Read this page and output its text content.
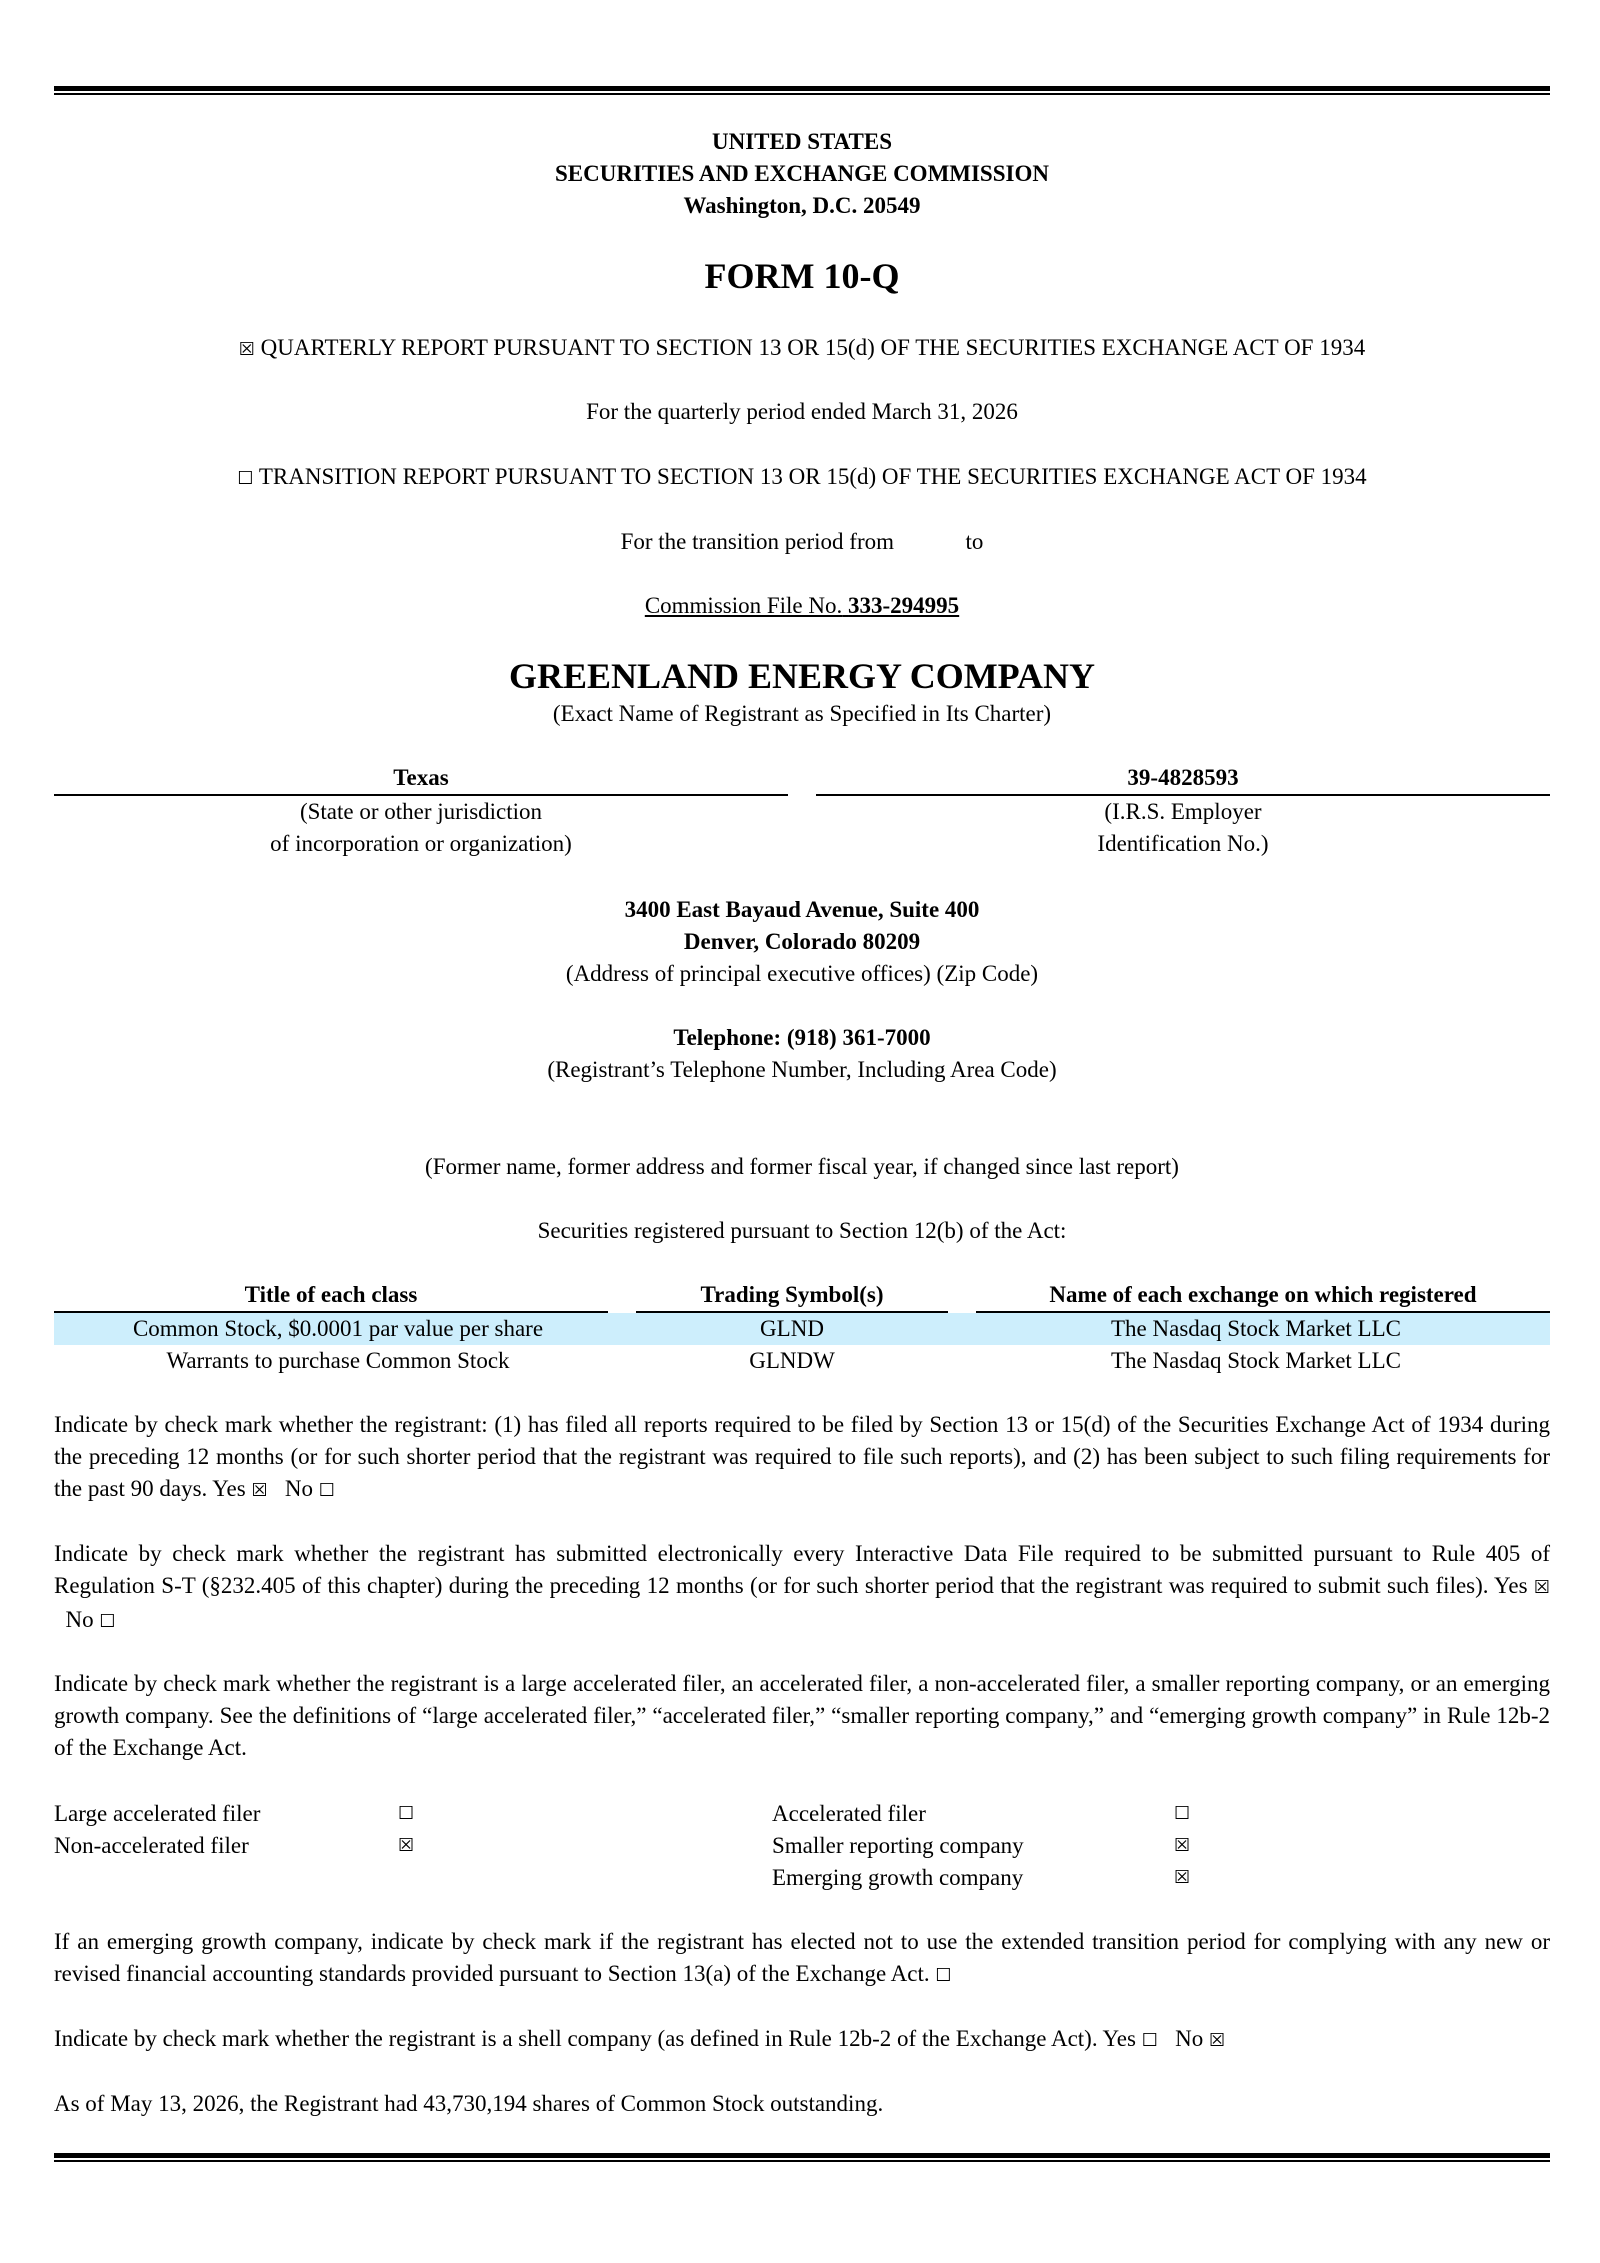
UNITED STATES
SECURITIES AND EXCHANGE COMMISSION
Washington, D.C. 20549
FORM 10-Q
☒ QUARTERLY REPORT PURSUANT TO SECTION 13 OR 15(d) OF THE SECURITIES EXCHANGE ACT OF 1934
For the quarterly period ended March 31, 2026
☐ TRANSITION REPORT PURSUANT TO SECTION 13 OR 15(d) OF THE SECURITIES EXCHANGE ACT OF 1934
For the transition period from	to
Commission File No. 333-294995
GREENLAND ENERGY COMPANY
(Exact Name of Registrant as Specified in Its Charter)
Texas
(State or other jurisdiction
of incorporation or organization)
39-4828593
(I.R.S. Employer
Identification No.)
3400 East Bayaud Avenue, Suite 400
Denver, Colorado 80209
(Address of principal executive offices) (Zip Code)
Telephone: (918) 361-7000
(Registrant’s Telephone Number, Including Area Code)
(Former name, former address and former fiscal year, if changed since last report)
Securities registered pursuant to Section 12(b) of the Act:
Title of each class	Trading Symbol(s)	Name of each exchange on which registered

Common Stock, $0.0001 par value per share	GLND	The Nasdaq Stock Market LLC
Warrants to purchase Common Stock	GLNDW	The Nasdaq Stock Market LLC
Indicate by check mark whether the registrant: (1) has filed all reports required to be filed by Section 13 or 15(d) of the Securities Exchange Act of 1934 during the preceding 12 months (or for such shorter period that the registrant was required to file such reports), and (2) has been subject to such filing requirements for the past 90 days. Yes ☒ No ☐
Indicate by check mark whether the registrant has submitted electronically every Interactive Data File required to be submitted pursuant to Rule 405 of Regulation S-T (§232.405 of this chapter) during the preceding 12 months (or for such shorter period that the registrant was required to submit such files). Yes ☒   No ☐
Indicate by check mark whether the registrant is a large accelerated filer, an accelerated filer, a non-accelerated filer, a smaller reporting company, or an emerging growth company. See the definitions of “large accelerated filer,” “accelerated filer,” “smaller reporting company,” and “emerging growth company” in Rule 12b-2 of the Exchange Act.
Large accelerated filer	☐
Non-accelerated filer	☒
Accelerated filer	☐
Smaller reporting company	☒
Emerging growth company	☒
If an emerging growth company, indicate by check mark if the registrant has elected not to use the extended transition period for complying with any new or revised financial accounting standards provided pursuant to Section 13(a) of the Exchange Act. ☐
Indicate by check mark whether the registrant is a shell company (as defined in Rule 12b-2 of the Exchange Act). Yes ☐ No ☒
As of May 13, 2026, the Registrant had 43,730,194 shares of Common Stock outstanding.
